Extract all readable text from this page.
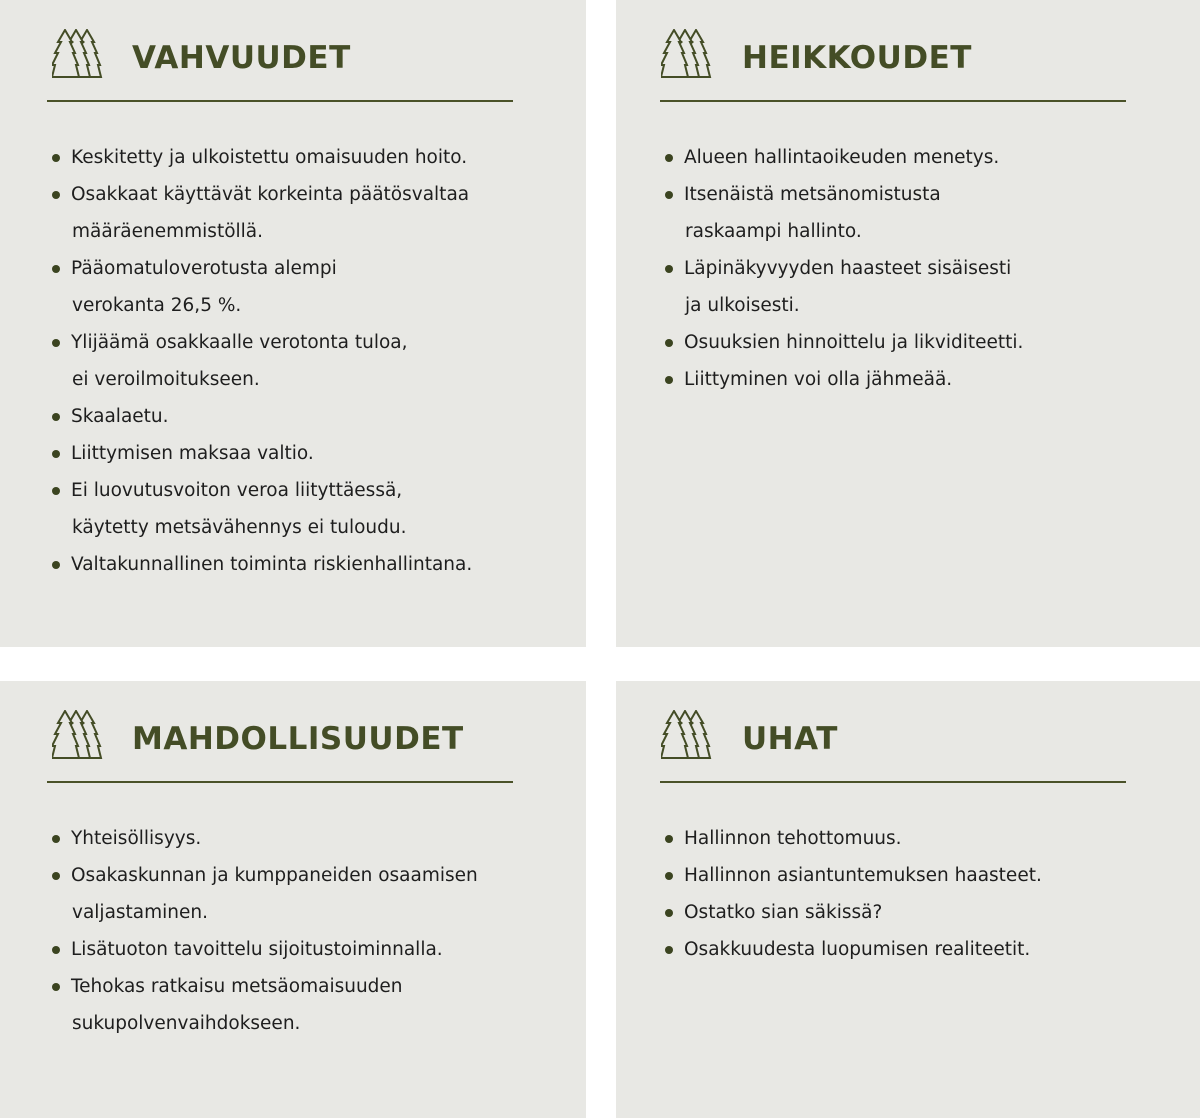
VAHVUUDET
Keskitetty ja ulkoistettu omaisuuden hoito.
Osakkaat käyttävät korkeinta päätösvaltaa
määräenemmistöllä.
Pääomatuloverotusta alempi
verokanta 26,5 %.
Ylijäämä osakkaalle verotonta tuloa,
ei veroilmoitukseen.
Skaalaetu.
Liittymisen maksaa valtio.
Ei luovutusvoiton veroa liityttäessä,
käytetty metsävähennys ei tuloudu.
Valtakunnallinen toiminta riskienhallintana.
HEIKKOUDET
Alueen hallintaoikeuden menetys.
Itsenäistä metsänomistusta
raskaampi hallinto.
Läpinäkyvyyden haasteet sisäisesti
ja ulkoisesti.
Osuuksien hinnoittelu ja likviditeetti.
Liittyminen voi olla jähmeää.
MAHDOLLISUUDET
Yhteisöllisyys.
Osakaskunnan ja kumppaneiden osaamisen
valjastaminen.
Lisätuoton tavoittelu sijoitustoiminnalla.
Tehokas ratkaisu metsäomaisuuden
sukupolvenvaihdokseen.
UHAT
Hallinnon tehottomuus.
Hallinnon asiantuntemuksen haasteet.
Ostatko sian säkissä?
Osakkuudesta luopumisen realiteetit.
